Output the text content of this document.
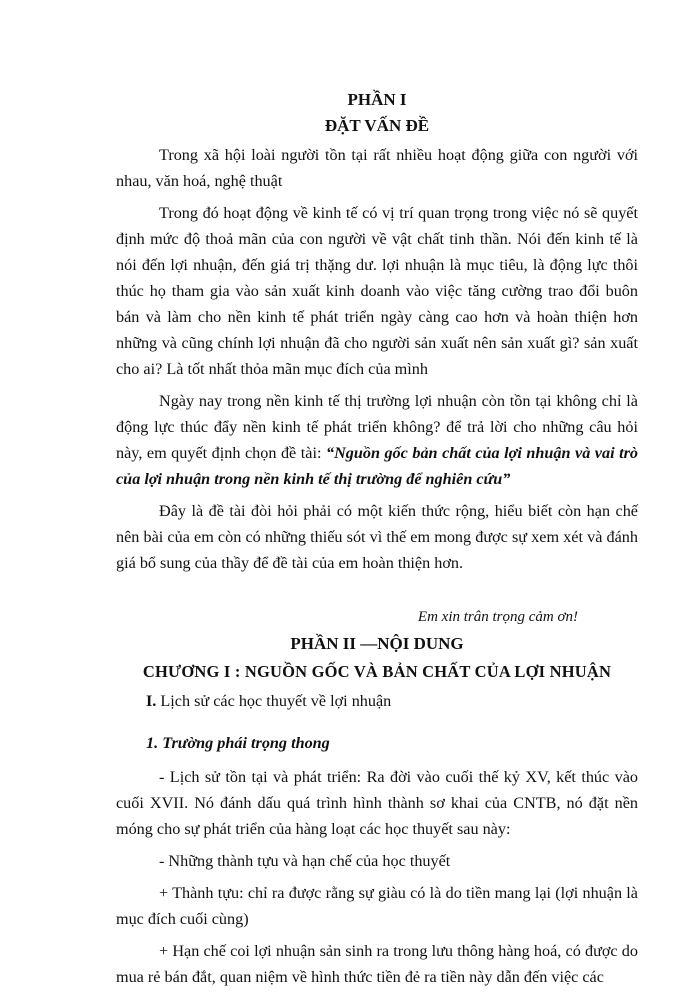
PHẦN I

ĐẶT VẤN ĐỀ

Trong xã hội loài người tồn tại rất nhiều hoạt động giữa con người với nhau, văn hoá, nghệ thuật

Trong đó hoạt động về kinh tế có vị trí quan trọng trong việc nó sẽ quyết định mức độ thoả mãn của con người về vật chất tinh thần. Nói đến kinh tế là nói đến lợi nhuận, đến giá trị thặng dư. lợi nhuận là mục tiêu, là động lực thôi thúc họ tham gia vào sản xuất kinh doanh vào việc tăng cường trao đổi buôn bán và làm cho nền kinh tế phát triển ngày càng cao hơn và hoàn thiện hơn những và cũng chính lợi nhuận đã cho người sản xuất nên sản xuất gì? sản xuất cho ai? Là tốt nhất thỏa mãn mục đích của mình

Ngày nay trong nền kinh tế thị trường lợi nhuận còn tồn tại không chỉ là động lực thúc đẩy nền kinh tế phát triển không? để trả lời cho những câu hỏi này, em quyết định chọn đề tài: “Nguồn gốc bản chất của lợi nhuận và vai trò của lợi nhuận trong nền kinh tế thị trường để nghiên cứu”

Đây là đề tài đòi hỏi phải có một kiến thức rộng, hiểu biết còn hạn chế nên bài của em còn có những thiếu sót vì thế em mong được sự xem xét và đánh giá bổ sung của thầy để đề tài của em hoàn thiện hơn.

Em xin trân trọng cảm ơn!

PHẦN II —NỘI DUNG

CHƯƠNG I : NGUỒN GỐC VÀ BẢN CHẤT CỦA LỢI NHUẬN

I. Lịch sử các học thuyết về lợi nhuận

1. Trường phái trọng thong

- Lịch sử tồn tại và phát triển: Ra đời vào cuối thế kỷ XV, kết thúc vào cuối XVII. Nó đánh dấu quá trình hình thành sơ khai của CNTB, nó đặt nền móng cho sự phát triển của hàng loạt các học thuyết sau này:

- Những thành tựu và hạn chế của học thuyết

+ Thành tựu: chỉ ra được rằng sự giàu có là do tiền mang lại (lợi nhuận là mục đích cuối cùng)

+ Hạn chế coi lợi nhuận sản sinh ra trong lưu thông hàng hoá, có được do mua rẻ bán đắt, quan niệm về hình thức tiền đẻ ra tiền này dẫn đến việc các
